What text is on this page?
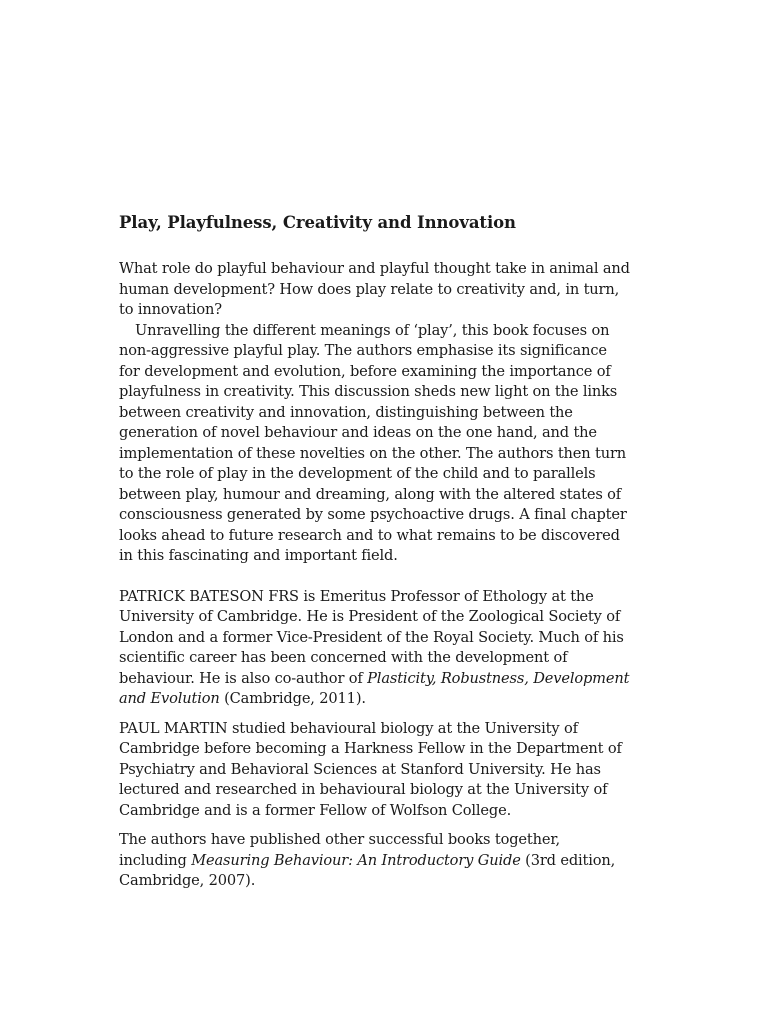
Play, Playfulness, Creativity and Innovation

What role do playful behaviour and playful thought take in animal and human development? How does play relate to creativity and, in turn, to innovation?

Unravelling the different meanings of ‘play’, this book focuses on non-aggressive playful play. The authors emphasise its significance for development and evolution, before examining the importance of playfulness in creativity. This discussion sheds new light on the links between creativity and innovation, distinguishing between the generation of novel behaviour and ideas on the one hand, and the implementation of these novelties on the other. The authors then turn to the role of play in the development of the child and to parallels between play, humour and dreaming, along with the altered states of consciousness generated by some psychoactive drugs. A final chapter looks ahead to future research and to what remains to be discovered in this fascinating and important field.

PATRICK BATESON FRS is Emeritus Professor of Ethology at the University of Cambridge. He is President of the Zoological Society of London and a former Vice-President of the Royal Society. Much of his scientific career has been concerned with the development of behaviour. He is also co-author of Plasticity, Robustness, Development and Evolution (Cambridge, 2011).

PAUL MARTIN studied behavioural biology at the University of Cambridge before becoming a Harkness Fellow in the Department of Psychiatry and Behavioral Sciences at Stanford University. He has lectured and researched in behavioural biology at the University of Cambridge and is a former Fellow of Wolfson College.

The authors have published other successful books together, including Measuring Behaviour: An Introductory Guide (3rd edition, Cambridge, 2007).
